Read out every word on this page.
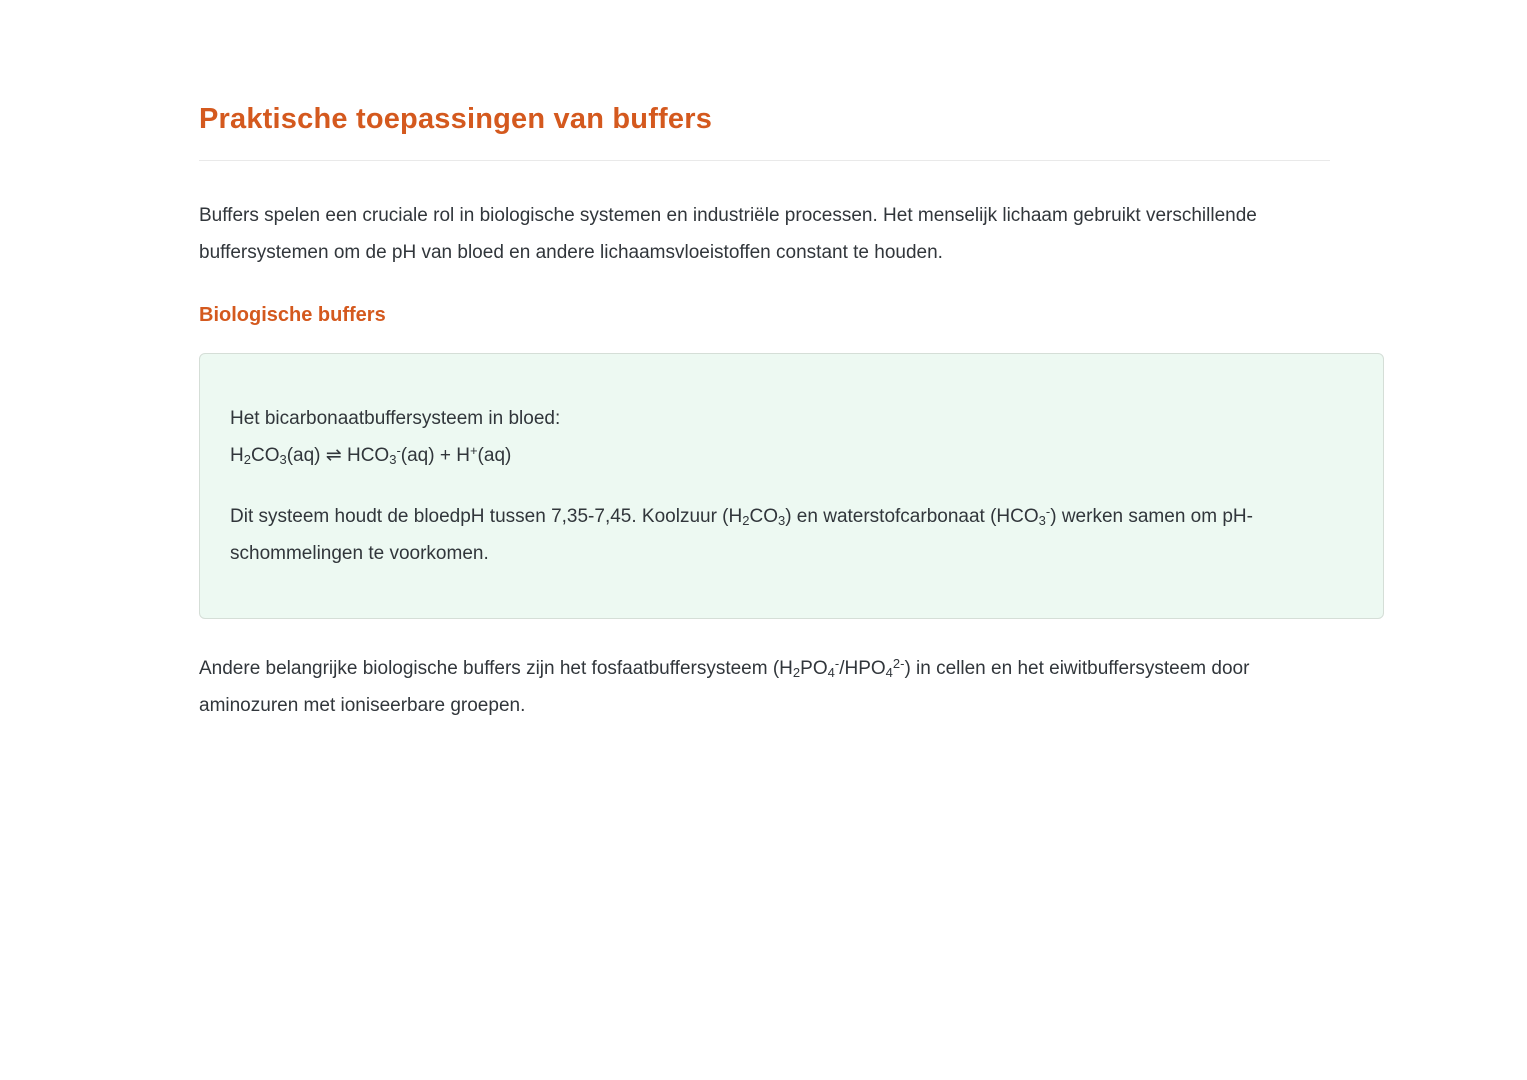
Praktische toepassingen van buffers

Buffers spelen een cruciale rol in biologische systemen en industriële processen. Het menselijk lichaam gebruikt verschillende buffersystemen om de pH van bloed en andere lichaamsvloeistoffen constant te houden.

Biologische buffers

Het bicarbonaatbuffersysteem in bloed:
$H_2CO_3(aq)$ ⇌ $HCO_3^-(aq) + H^+(aq)$

Dit systeem houdt de bloedpH tussen 7,35-7,45. Koolzuur $(H_2CO_3)$ en waterstofcarbonaat $(HCO_3^-)$ werken samen om pH-schommelingen te voorkomen.

Andere belangrijke biologische buffers zijn het fosfaatbuffersysteem $(H_2PO_4^-/HPO_4^{2-})$ in cellen en het eiwitbuffersysteem door aminozuren met ioniseerbare groepen.
